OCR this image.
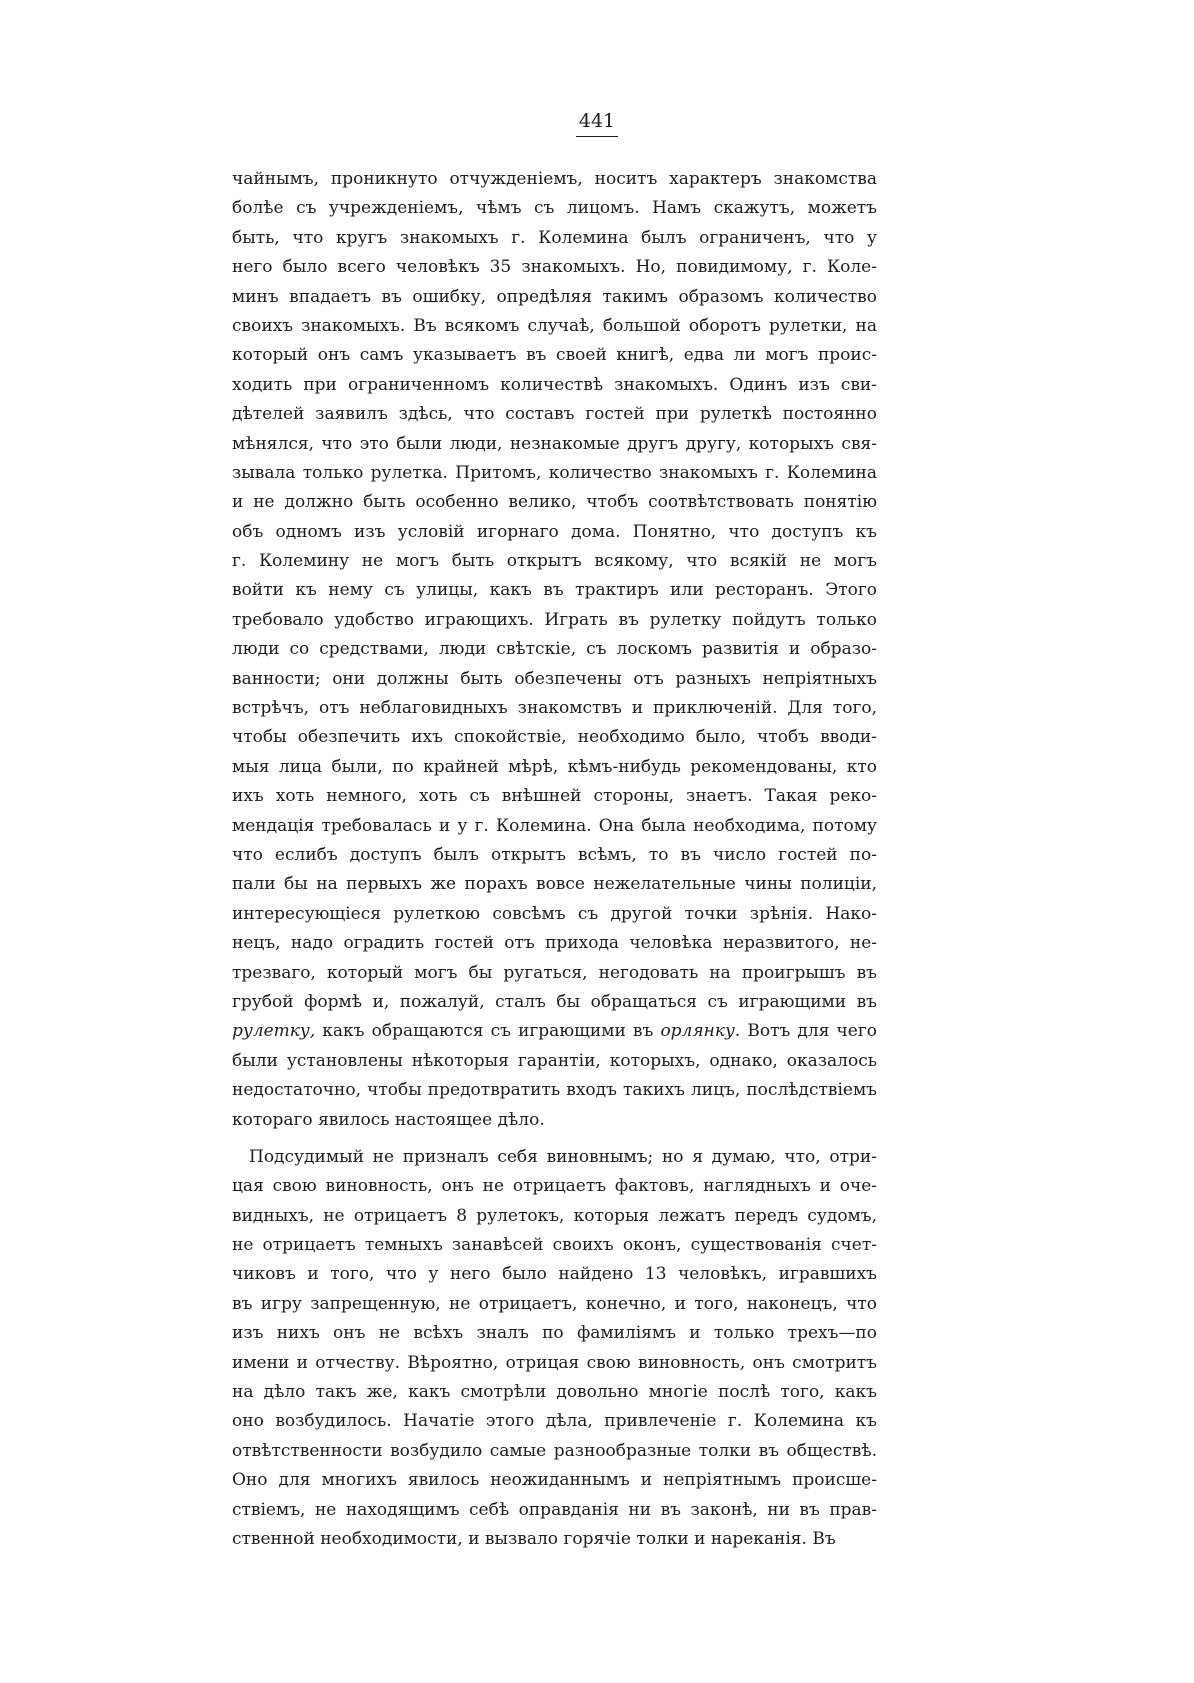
441
чайнымъ, проникнуто отчужденіемъ, носитъ характеръ знакомства
болѣе съ учрежденіемъ, чѣмъ съ лицомъ. Намъ скажутъ, можетъ
быть, что кругъ знакомыхъ г. Колемина былъ ограниченъ, что у
него было всего человѣкъ 35 знакомыхъ. Но, повидимому, г. Коле-
минъ впадаетъ въ ошибку, опредѣляя такимъ образомъ количество
своихъ знакомыхъ. Въ всякомъ случаѣ, большой оборотъ рулетки, на
который онъ самъ указываетъ въ своей книгѣ, едва ли могъ проис-
ходить при ограниченномъ количествѣ знакомыхъ. Одинъ изъ сви-
дѣтелей заявилъ здѣсь, что составъ гостей при рулеткѣ постоянно
мѣнялся, что это были люди, незнакомые другъ другу, которыхъ свя-
зывала только рулетка. Притомъ, количество знакомыхъ г. Колемина
и не должно быть особенно велико, чтобъ соотвѣтствовать понятію
объ одномъ изъ условій игорнаго дома. Понятно, что доступъ къ
г. Колемину не могъ быть открытъ всякому, что всякій не могъ
войти къ нему съ улицы, какъ въ трактиръ или ресторанъ. Этого
требовало удобство играющихъ. Играть въ рулетку пойдутъ только
люди со средствами, люди свѣтскіе, съ лоскомъ развитія и образо-
ванности; они должны быть обезпечены отъ разныхъ непріятныхъ
встрѣчъ, отъ неблаговидныхъ знакомствъ и приключеній. Для того,
чтобы обезпечить ихъ спокойствіе, необходимо было, чтобъ вводи-
мыя лица были, по крайней мѣрѣ, кѣмъ-нибудь рекомендованы, кто
ихъ хоть немного, хоть съ внѣшней стороны, знаетъ. Такая реко-
мендація требовалась и у г. Колемина. Она была необходима, потому
что еслибъ доступъ былъ открытъ всѣмъ, то въ число гостей по-
пали бы на первыхъ же порахъ вовсе нежелательные чины полиціи,
интересующіеся рулеткою совсѣмъ съ другой точки зрѣнія. Нако-
нецъ, надо оградить гостей отъ прихода человѣка неразвитого, не-
трезваго, который могъ бы ругаться, негодовать на проигрышъ въ
грубой формѣ и, пожалуй, сталъ бы обращаться съ играющими въ
рулетку, какъ обращаются съ играющими въ орлянку. Вотъ для чего
были установлены нѣкоторыя гарантіи, которыхъ, однако, оказалось
недостаточно, чтобы предотвратить входъ такихъ лицъ, послѣдствіемъ
котораго явилось настоящее дѣло.
Подсудимый не призналъ себя виновнымъ; но я думаю, что, отри-
цая свою виновность, онъ не отрицаетъ фактовъ, наглядныхъ и оче-
видныхъ, не отрицаетъ 8 рулетокъ, которыя лежатъ передъ судомъ,
не отрицаетъ темныхъ занавѣсей своихъ оконъ, существованія счет-
чиковъ и того, что у него было найдено 13 человѣкъ, игравшихъ
въ игру запрещенную, не отрицаетъ, конечно, и того, наконецъ, что
изъ нихъ онъ не всѣхъ зналъ по фамиліямъ и только трехъ—по
имени и отчеству. Вѣроятно, отрицая свою виновность, онъ смотритъ
на дѣло такъ же, какъ смотрѣли довольно многіе послѣ того, какъ
оно возбудилось. Начатіе этого дѣла, привлеченіе г. Колемина къ
отвѣтственности возбудило самые разнообразные толки въ обществѣ.
Оно для многихъ явилось неожиданнымъ и непріятнымъ происше-
ствіемъ, не находящимъ себѣ оправданія ни въ законѣ, ни въ прав-
ственной необходимости, и вызвало горячіе толки и нареканія. Въ
